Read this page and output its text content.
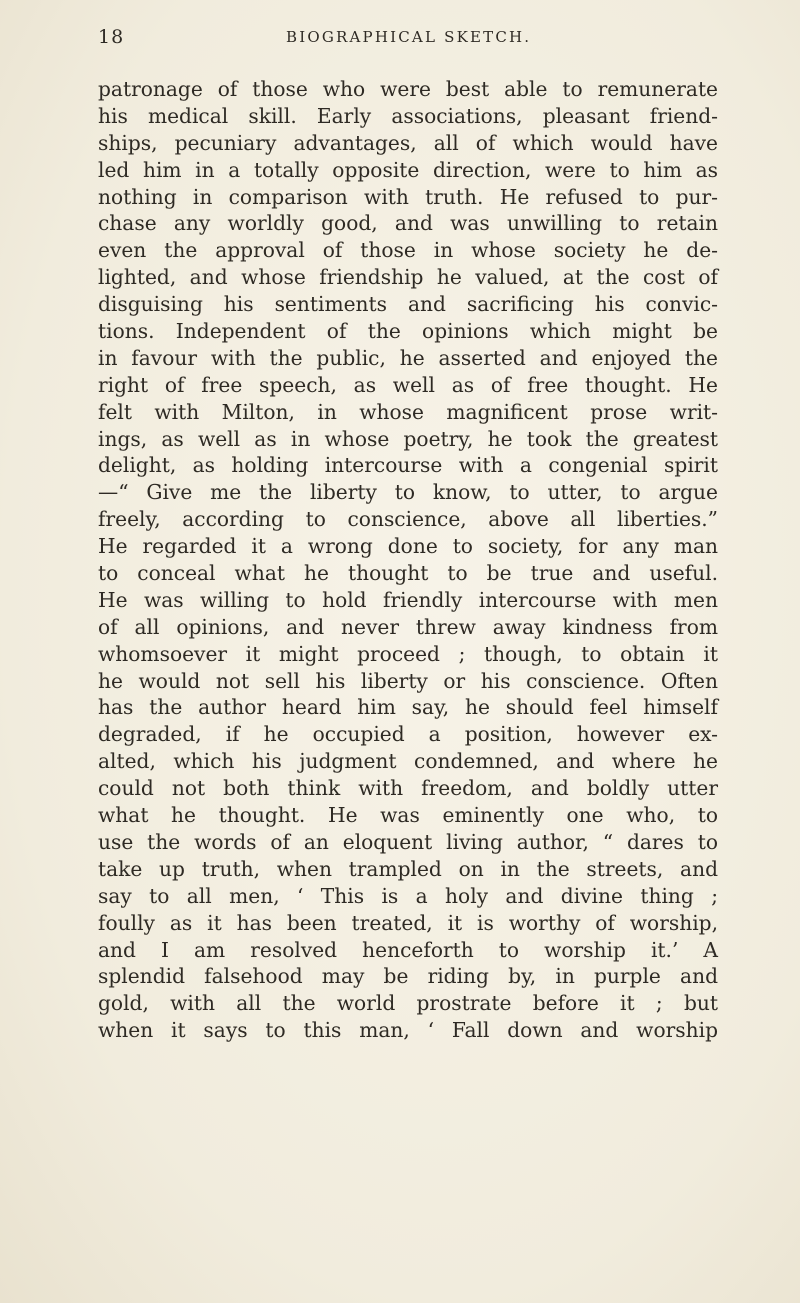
18	BIOGRAPHICAL SKETCH.
patronage of those who were best able to remunerate
his medical skill. Early associations, pleasant friend-
ships, pecuniary advantages, all of which would have
led him in a totally opposite direction, were to him as
nothing in comparison with truth. He refused to pur-
chase any worldly good, and was unwilling to retain
even the approval of those in whose society he de-
lighted, and whose friendship he valued, at the cost of
disguising his sentiments and sacrificing his convic-
tions. Independent of the opinions which might be
in favour with the public, he asserted and enjoyed the
right of free speech, as well as of free thought. He
felt with Milton, in whose magnificent prose writ-
ings, as well as in whose poetry, he took the greatest
delight, as holding intercourse with a congenial spirit
—“ Give me the liberty to know, to utter, to argue
freely, according to conscience, above all liberties.”
He regarded it a wrong done to society, for any man
to conceal what he thought to be true and useful.
He was willing to hold friendly intercourse with men
of all opinions, and never threw away kindness from
whomsoever it might proceed ; though, to obtain it
he would not sell his liberty or his conscience. Often
has the author heard him say, he should feel himself
degraded, if he occupied a position, however ex-
alted, which his judgment condemned, and where he
could not both think with freedom, and boldly utter
what he thought. He was eminently one who, to
use the words of an eloquent living author, “ dares to
take up truth, when trampled on in the streets, and
say to all men, ‘ This is a holy and divine thing ;
foully as it has been treated, it is worthy of worship,
and I am resolved henceforth to worship it.’ A
splendid falsehood may be riding by, in purple and
gold, with all the world prostrate before it ; but
when it says to this man, ‘ Fall down and worship
